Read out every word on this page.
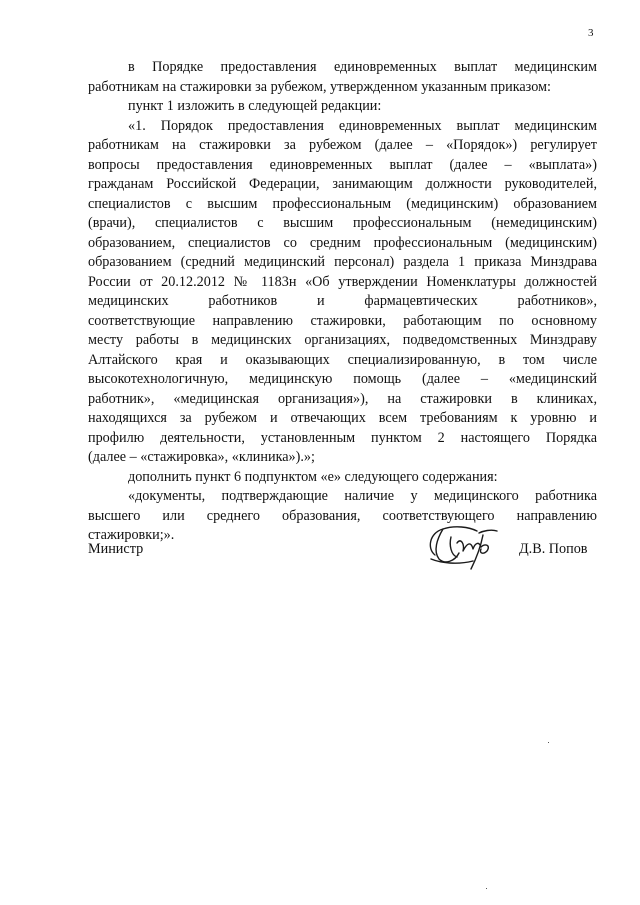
3
в Порядке предоставления единовременных выплат медицинским
работникам на стажировки за рубежом, утвержденном указанным приказом:
пункт 1 изложить в следующей редакции:
«1. Порядок предоставления единовременных выплат медицинским
работникам на стажировки за рубежом (далее – «Порядок») регулирует
вопросы предоставления единовременных выплат (далее – «выплата»)
гражданам Российской Федерации, занимающим должности руководителей,
специалистов с высшим профессиональным (медицинским) образованием
(врачи), специалистов с высшим профессиональным (немедицинским)
образованием, специалистов со средним профессиональным (медицинским)
образованием (средний медицинский персонал) раздела 1 приказа Минздрава
России от 20.12.2012 № 1183н «Об утверждении Номенклатуры должностей
медицинских работников и фармацевтических работников»,
соответствующие направлению стажировки, работающим по основному
месту работы в медицинских организациях, подведомственных Минздраву
Алтайского края и оказывающих специализированную, в том числе
высокотехнологичную, медицинскую помощь (далее – «медицинский
работник», «медицинская организация»), на стажировки в клиниках,
находящихся за рубежом и отвечающих всем требованиям к уровню и
профилю деятельности, установленным пунктом 2 настоящего Порядка
(далее – «стажировка», «клиника»).»;
дополнить пункт 6 подпунктом «е» следующего содержания:
«документы, подтверждающие наличие у медицинского работника
высшего или среднего образования, соответствующего направлению
стажировки;».
Министр	Д.В. Попов
